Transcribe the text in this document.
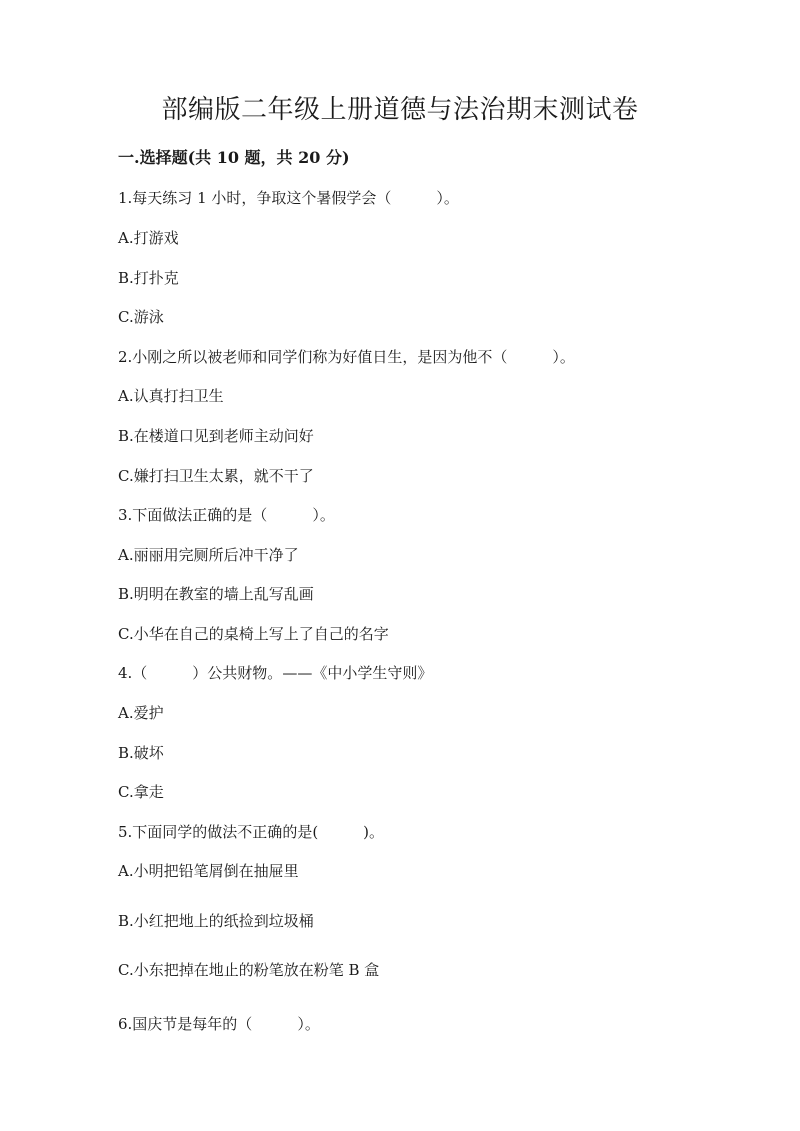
部编版二年级上册道德与法治期末测试卷
一.选择题(共 10 题，共 20 分)
1.每天练习 1 小时，争取这个暑假学会（　　　）。
A.打游戏
B.打扑克
C.游泳
2.小刚之所以被老师和同学们称为好值日生，是因为他不（　　　）。
A.认真打扫卫生
B.在楼道口见到老师主动问好
C.嫌打扫卫生太累，就不干了
3.下面做法正确的是（　　　）。
A.丽丽用完厕所后冲干净了
B.明明在教室的墙上乱写乱画
C.小华在自己的桌椅上写上了自己的名字
4.（　　　）公共财物。——《中小学生守则》
A.爱护
B.破坏
C.拿走
5.下面同学的做法不正确的是(　　　)。
A.小明把铅笔屑倒在抽屉里
B.小红把地上的纸捡到垃圾桶
C.小东把掉在地止的粉笔放在粉笔 B 盒
6.国庆节是每年的（　　　）。
